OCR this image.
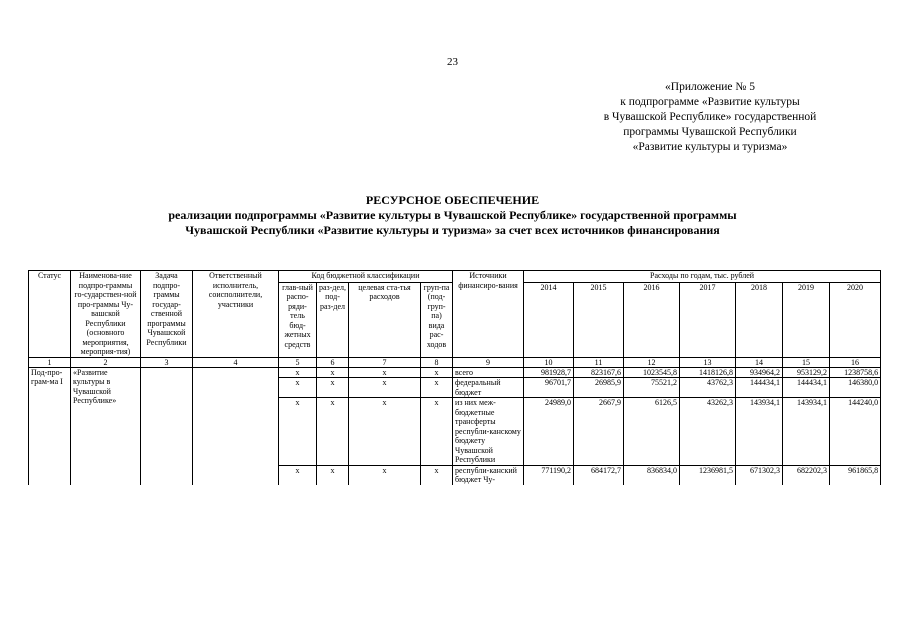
23
«Приложение № 5
к подпрограмме «Развитие культуры
в Чувашской Республике» государственной
программы Чувашской Республики
«Развитие культуры и туризма»
РЕСУРСНОЕ ОБЕСПЕЧЕНИЕ
реализации подпрограммы «Развитие культуры в Чувашской Республике» государственной программы
Чувашской Республики «Развитие культуры и туризма» за счет всех источников финансирования
Статус	Наименова-ние подпро-граммы го-сударствен-ной про-граммы Чу-вашской Республики (основного мероприятия, мероприя-тия)	Задача подпро-граммы государ-ственной программы Чувашской Республики	Ответственный исполнитель, соисполнители, участники	Код бюджетной классификации				Источники финансиро-вания	Расходы по годам, тыс. рублей						
				глав-ный распо-ряди-тель бюд-жетных средств	раз-дел, под-раз-дел	целевая ста-тья расходов	груп-па (под-груп-па) вида рас-ходов		2014	2015	2016	2017	2018	2019	2020
1	2	3	4	5	6	7	8	9	10	11	12	13	14	15	16
Под-про-грам-ма I	«Развитие культуры в Чувашской Республике»			х	х	х	х	всего	981928,7	823167,6	1023545,8	1418126,8	934964,2	953129,2	1238758,6
				х	х	х	х	федеральный бюджет	96701,7	26985,9	75521,2	43762,3	144434,1	144434,1	146380,0
				х	х	х	х	из них меж-бюджетные трансферты республи-канскому бюджету Чувашской Республики	24989,0	2667,9	6126,5	43262,3	143934,1	143934,1	144240,0
				х	х	х	х	республи-канский бюджет Чу-	771190,2	684172,7	836834,0	1236981,5	671302,3	682202,3	961865,8
